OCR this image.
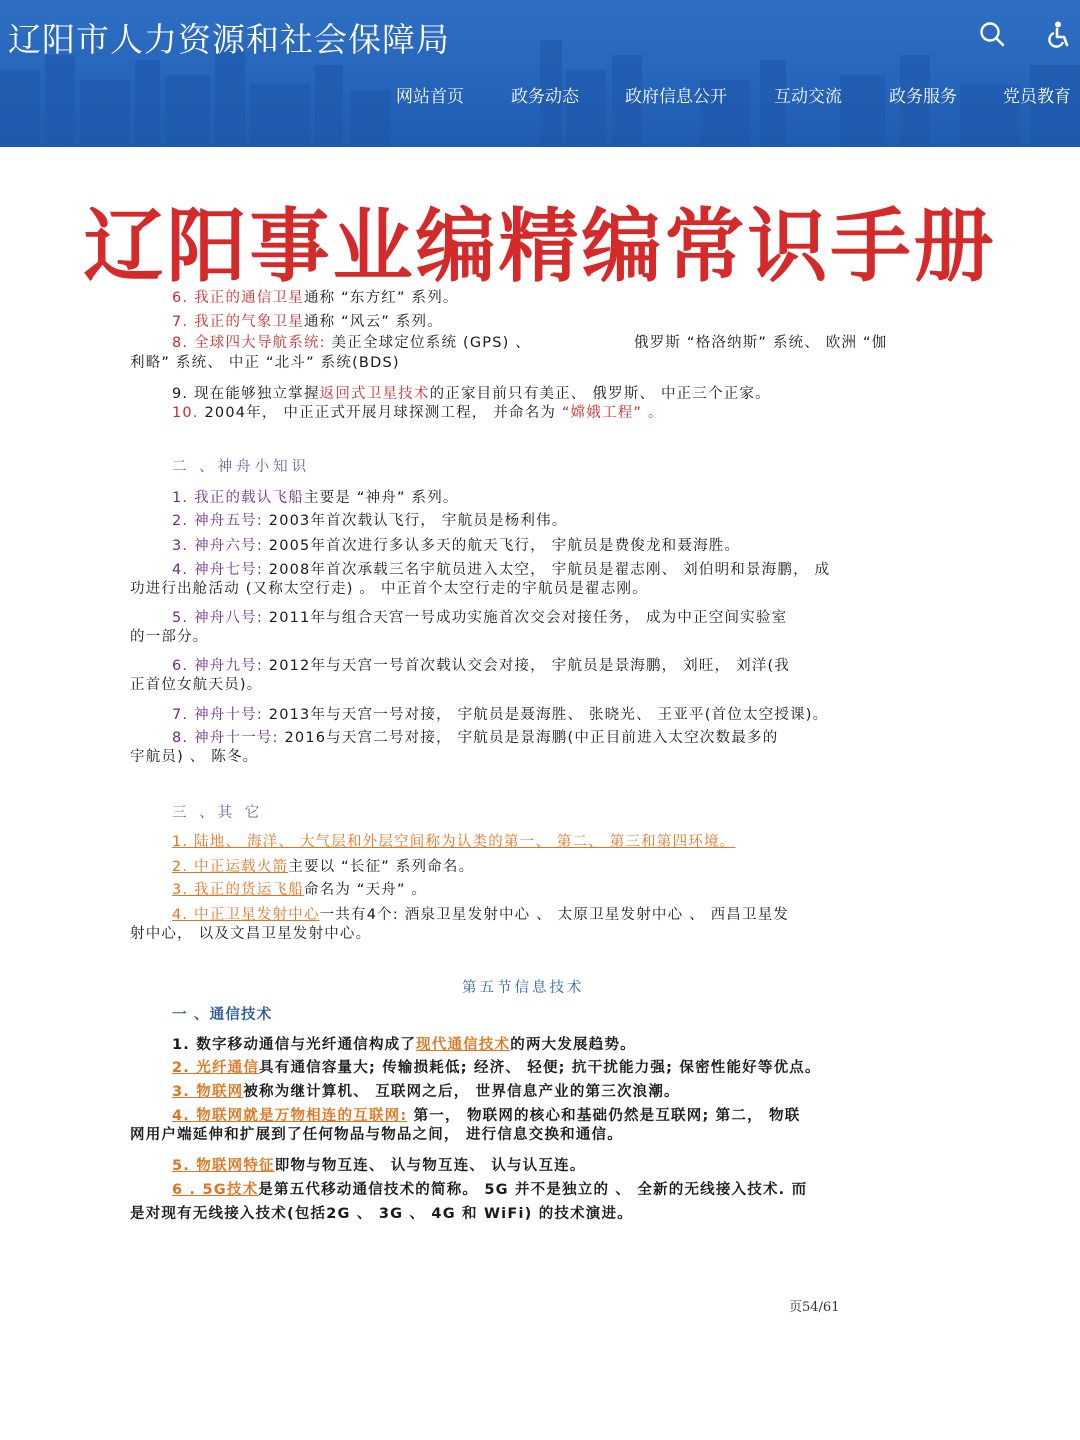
辽阳市人力资源和社会保障局
网站首页	政务动态	政府信息公开	互动交流	政务服务	党员教育
辽阳事业编精编常识手册
6. 我正的通信卫星通称 “东方红” 系列。
7. 我正的气象卫星通称 “风云” 系列。
8. 全球四大导航系统: 美正全球定位系统 (GPS) 、	俄罗斯 “格洛纳斯” 系统、 欧洲 “伽
利略” 系统、 中正 “北斗” 系统(BDS)
9. 现在能够独立掌握返回式卫星技术的正家目前只有美正、 俄罗斯、 中正三个正家。
10. 2004年， 中正正式开展月球探测工程， 并命名为 “嫦娥工程” 。
二 、神舟小知识
1. 我正的载认飞船主要是 “神舟” 系列。
2. 神舟五号: 2003年首次载认飞行， 宇航员是杨利伟。
3. 神舟六号: 2005年首次进行多认多天的航天飞行， 宇航员是费俊龙和聂海胜。
4. 神舟七号: 2008年首次承载三名宇航员进入太空， 宇航员是翟志刚、 刘伯明和景海鹏， 成
功进行出舱活动 (又称太空行走) 。 中正首个太空行走的宇航员是翟志刚。
5. 神舟八号: 2011年与组合天宫一号成功实施首次交会对接任务， 成为中正空间实验室
的一部分。
6. 神舟九号: 2012年与天宫一号首次载认交会对接， 宇航员是景海鹏， 刘旺， 刘洋(我
正首位女航天员)。
7. 神舟十号: 2013年与天宫一号对接， 宇航员是聂海胜、 张晓光、 王亚平(首位太空授课)。
8. 神舟十一号: 2016与天宫二号对接， 宇航员是景海鹏(中正目前进入太空次数最多的
宇航员) 、 陈冬。
三 、其 它
1. 陆地、 海洋、 大气层和外层空间称为认类的第一、 第二、 第三和第四环境。
2. 中正运载火箭主要以 “长征” 系列命名。
3. 我正的货运飞船命名为 “天舟” 。
4. 中正卫星发射中心一共有4个: 酒泉卫星发射中心 、 太原卫星发射中心 、 西昌卫星发
射中心， 以及文昌卫星发射中心。
第五节信息技术
一 、通信技术
1. 数字移动通信与光纤通信构成了现代通信技术的两大发展趋势。
2. 光纤通信具有通信容量大; 传输损耗低; 经济、 轻便; 抗干扰能力强; 保密性能好等优点。
3. 物联网被称为继计算机、 互联网之后， 世界信息产业的第三次浪潮。
4. 物联网就是万物相连的互联网: 第一， 物联网的核心和基础仍然是互联网; 第二， 物联
网用户端延伸和扩展到了任何物品与物品之间， 进行信息交换和通信。
5. 物联网特征即物与物互连、 认与物互连、 认与认互连。
6 . 5G技术是第五代移动通信技术的简称。 5G 并不是独立的 、 全新的无线接入技术. 而
是对现有无线接入技术(包括2G 、 3G 、 4G 和 WiFi) 的技术演进。
页54/61
